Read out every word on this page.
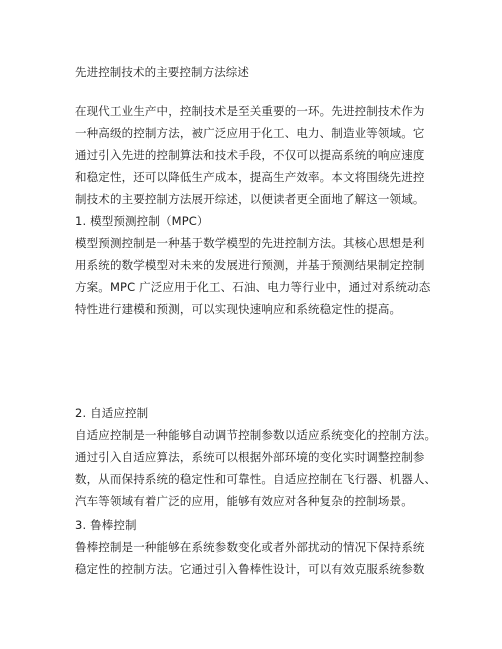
先进控制技术的主要控制方法综述
在现代工业生产中，控制技术是至关重要的一环。先进控制技术作为
一种高级的控制方法，被广泛应用于化工、电力、制造业等领域。它
通过引入先进的控制算法和技术手段，不仅可以提高系统的响应速度
和稳定性，还可以降低生产成本，提高生产效率。本文将围绕先进控
制技术的主要控制方法展开综述，以便读者更全面地了解这一领域。
1. 模型预测控制（MPC）
模型预测控制是一种基于数学模型的先进控制方法。其核心思想是利
用系统的数学模型对未来的发展进行预测，并基于预测结果制定控制
方案。MPC 广泛应用于化工、石油、电力等行业中，通过对系统动态
特性进行建模和预测，可以实现快速响应和系统稳定性的提高。
2. 自适应控制
自适应控制是一种能够自动调节控制参数以适应系统变化的控制方法。
通过引入自适应算法，系统可以根据外部环境的变化实时调整控制参
数，从而保持系统的稳定性和可靠性。自适应控制在飞行器、机器人、
汽车等领域有着广泛的应用，能够有效应对各种复杂的控制场景。
3. 鲁棒控制
鲁棒控制是一种能够在系统参数变化或者外部扰动的情况下保持系统
稳定性的控制方法。它通过引入鲁棒性设计，可以有效克服系统参数
